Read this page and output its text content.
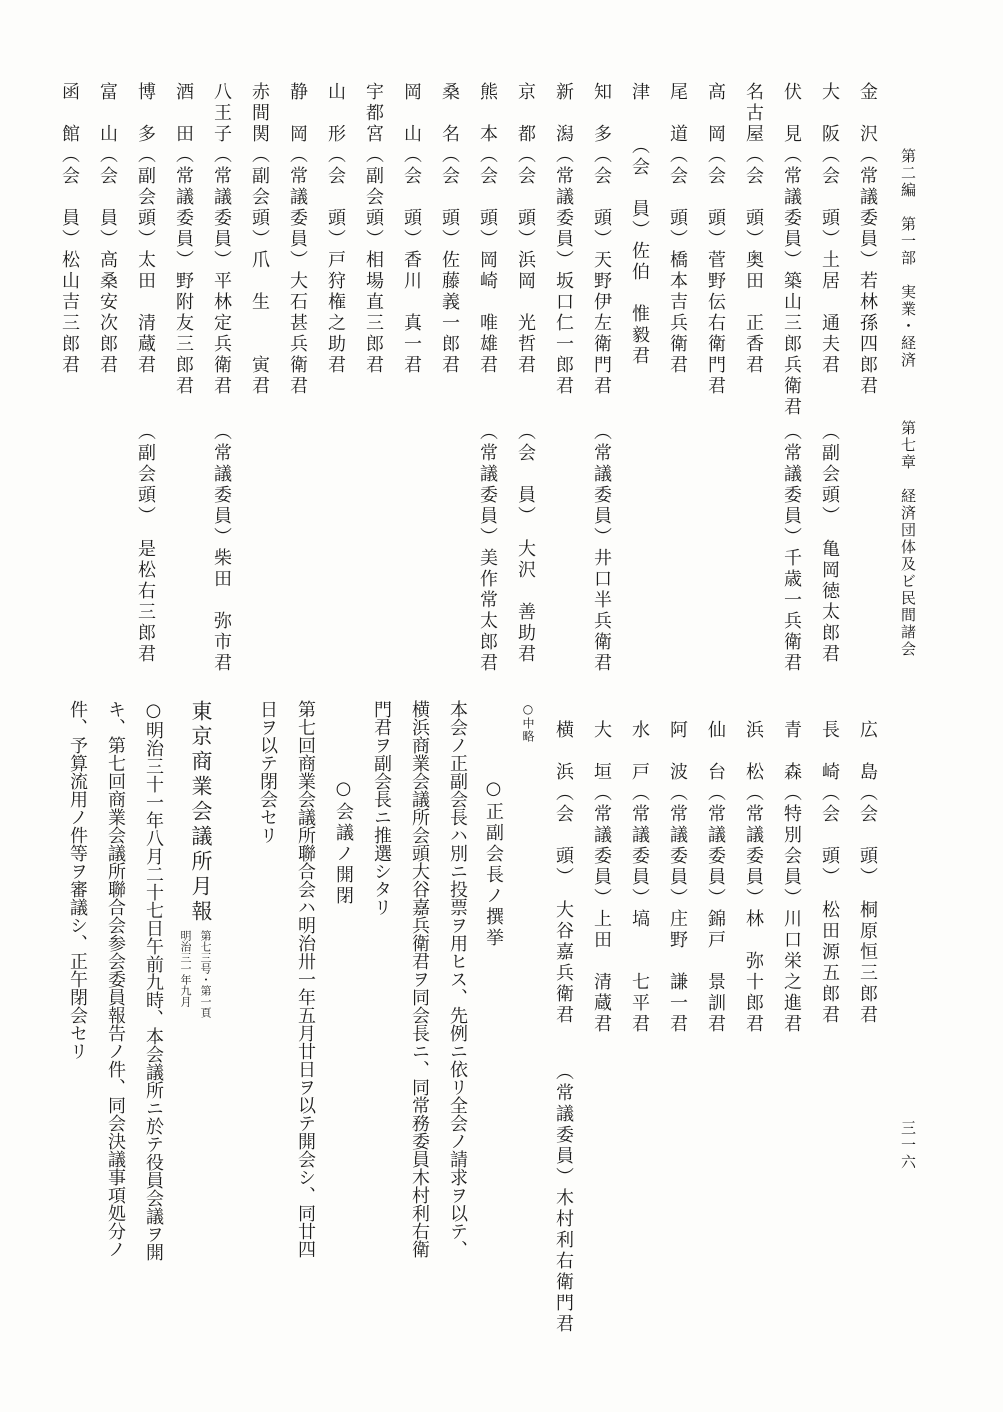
第二編　第一部　実業・経済
第七章　経済団体及ビ民間諸会
三一六
金　沢（常議委員）若林孫四郎君
大　阪（会　頭）土居　通夫君
伏　見（常議委員）築山三郎兵衛君
名古屋（会　頭）奥田　正香君
高　岡（会　頭）菅野伝右衛門君
尾　道（会　頭）橋本吉兵衛君
津　　（会　員）佐伯　惟毅君
知　多（会　頭）天野伊左衛門君
新　潟（常議委員）坂口仁一郎君
京　都（会　頭）浜岡　光哲君
熊　本（会　頭）岡崎　唯雄君
桑　名（会　頭）佐藤義一郎君
岡　山（会　頭）香川　真一君
宇都宮（副会頭）相場直三郎君
山　形（会　頭）戸狩権之助君
静　岡（常議委員）大石甚兵衛君
赤間関（副会頭）爪　生　　寅君
八王子（常議委員）平林定兵衛君
酒　田（常議委員）野附友三郎君
博　多（副会頭）太田　清蔵君
富　山（会　員）高桑安次郎君
函　館（会　員）松山吉三郎君
（副会頭）　亀岡徳太郎君
（常議委員）千歳一兵衛君
（常議委員）井口半兵衛君
（会　員）　大沢　善助君
（常議委員）美作常太郎君
（常議委員）柴田　弥市君
（副会頭）　是松右三郎君
広　島（会　頭）　桐原恒三郎君
長　崎（会　頭）　松田源五郎君
青　森（特別会員）川口栄之進君
浜　松（常議委員）林　弥十郎君
仙　台（常議委員）錦戸　景訓君
阿　波（常議委員）庄野　謙一君
水　戸（常議委員）塙　　七平君
大　垣（常議委員）上田　清蔵君
横　浜（会　頭）　大谷嘉兵衛君
（常議委員）木村利右衛門君
○中略
○正副会長ノ撰挙
本会ノ正副会長ハ別ニ投票ヲ用ヒス、先例ニ依リ全会ノ請求ヲ以テ、
横浜商業会議所会頭大谷嘉兵衛君ヲ同会長ニ、同常務委員木村利右衛
門君ヲ副会長ニ推選シタリ
○会議ノ開閉
第七回商業会議所聯合会ハ明治卅一年五月廿日ヲ以テ開会シ、同廿四
日ヲ以テ閉会セリ
東京商業会議所月報
第七三号・第一頁
明治三一年九月
○明治三十一年八月二十七日午前九時、本会議所ニ於テ役員会議ヲ開
キ、第七回商業会議所聯合会参会委員報告ノ件、同会決議事項処分ノ
件、予算流用ノ件等ヲ審議シ、正午閉会セリ
